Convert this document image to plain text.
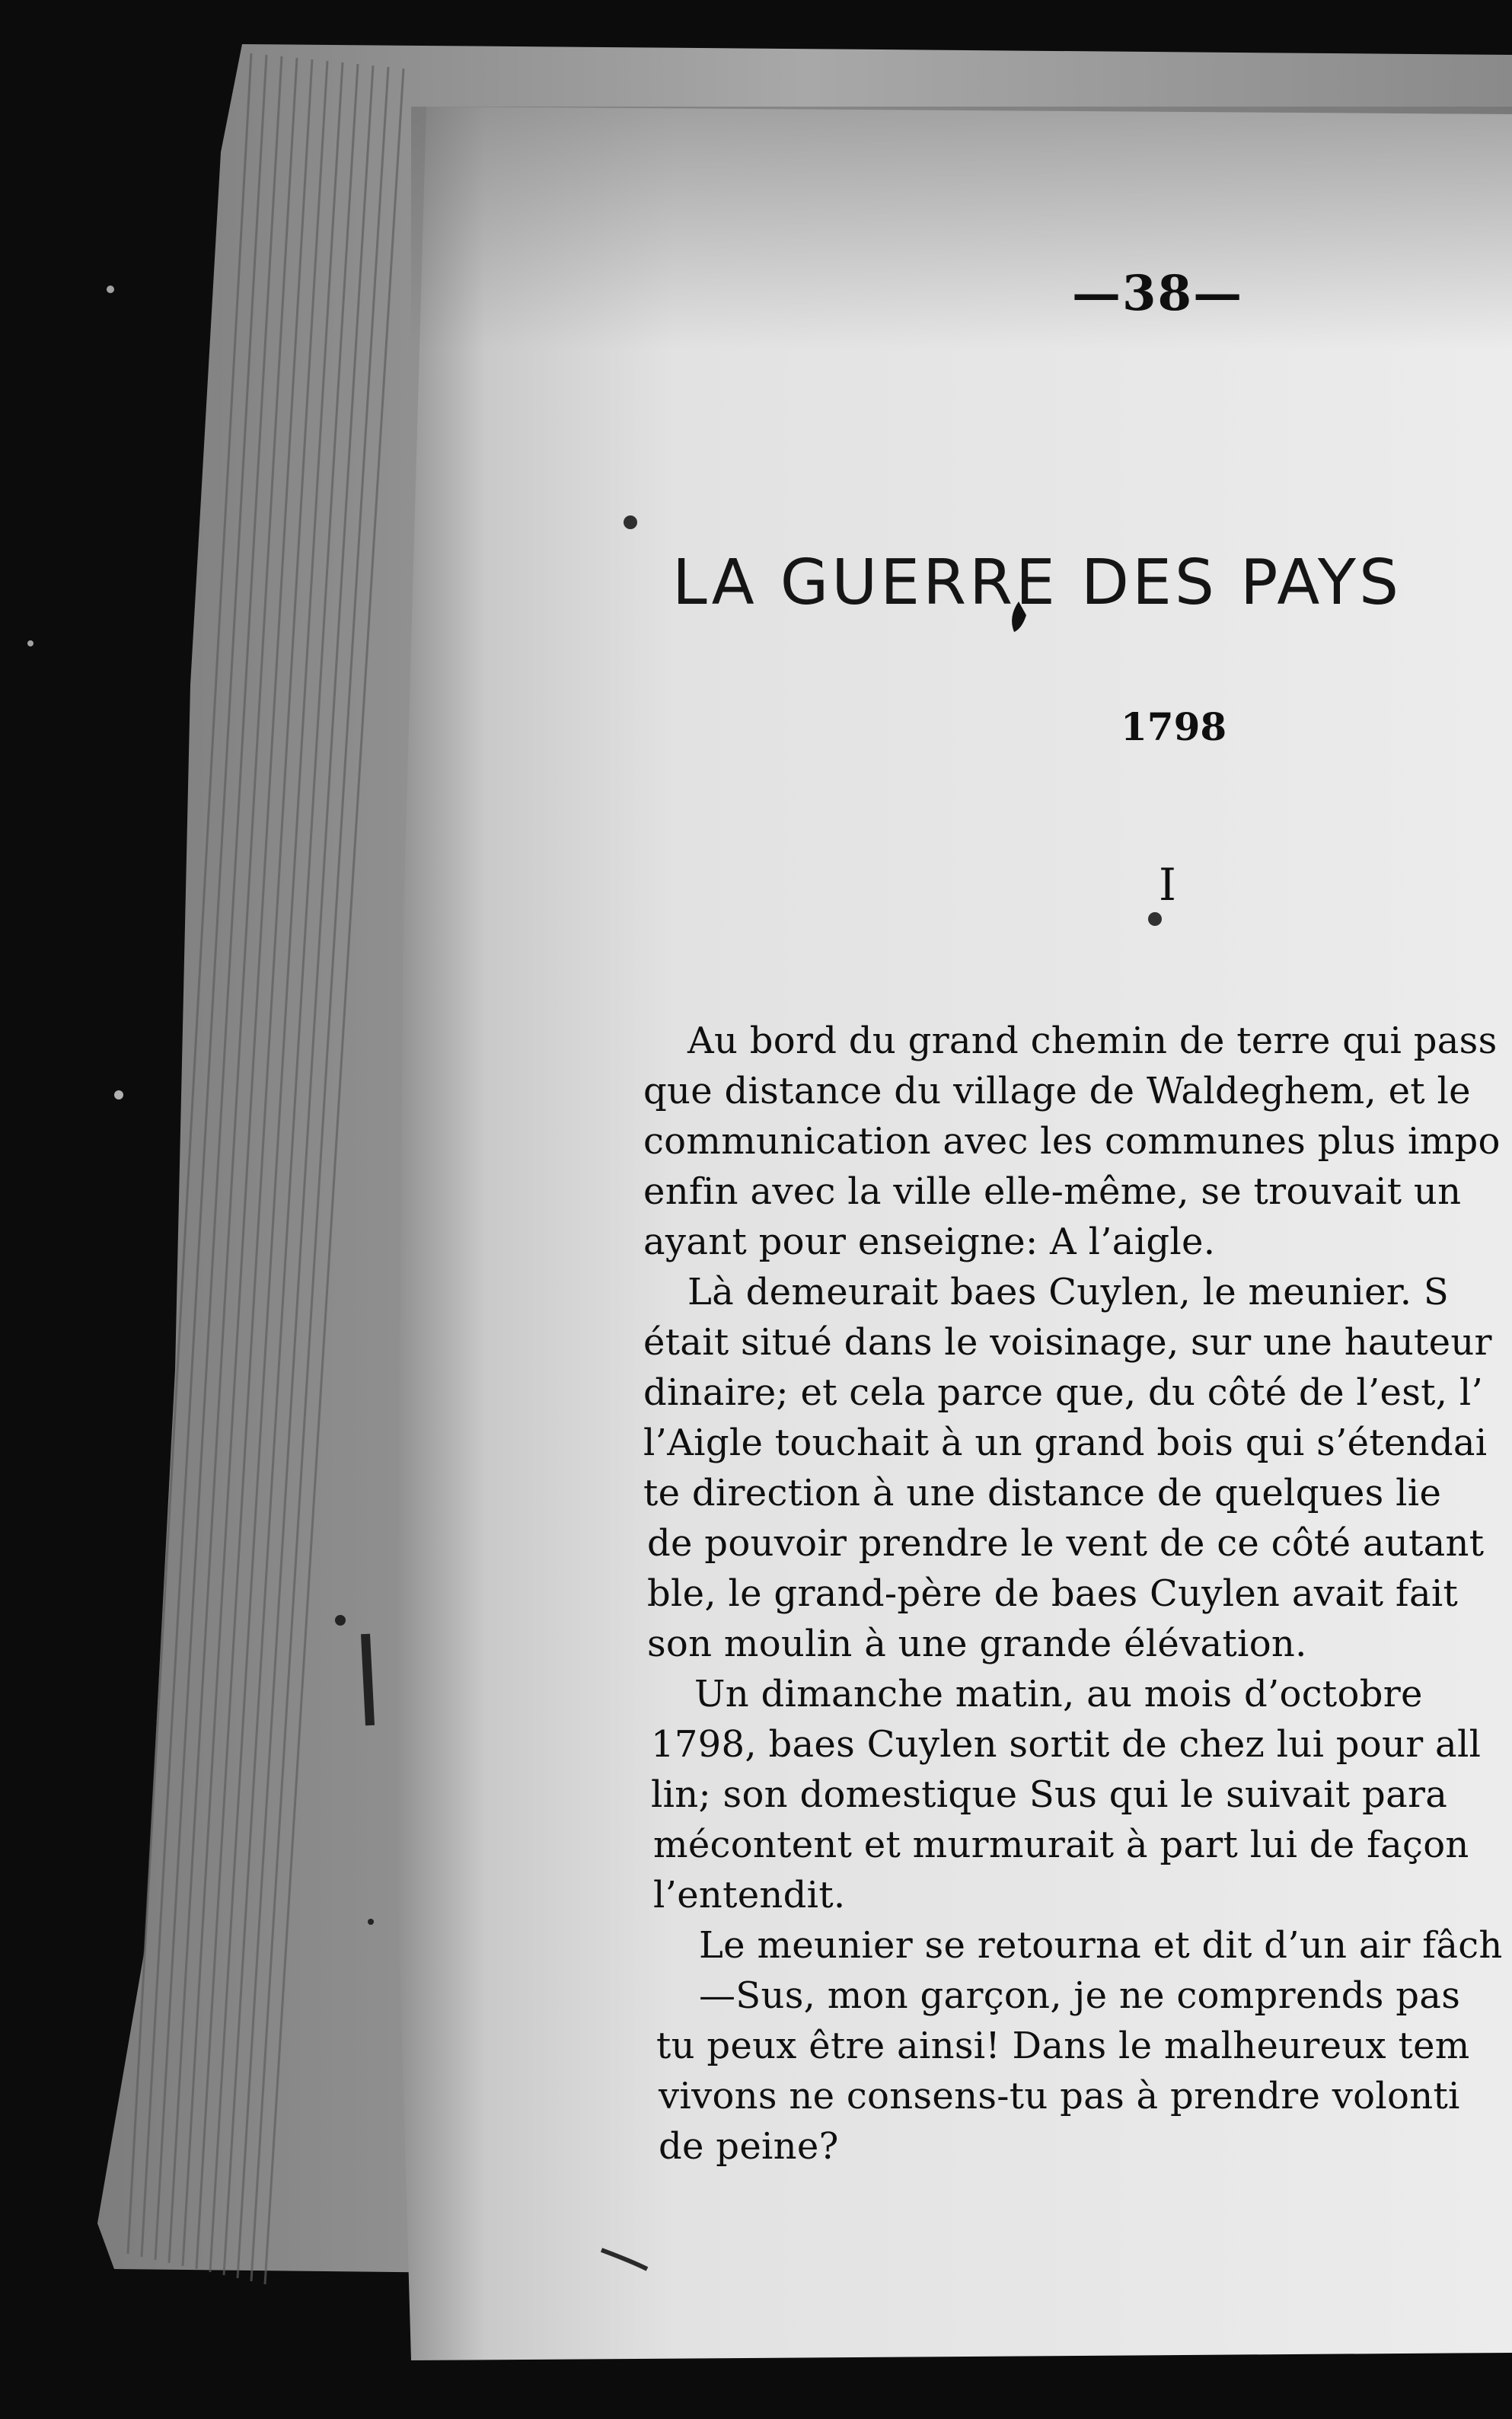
—38—
LA GUERRE DES PAYS
1798
I
Au bord du grand chemin de terre qui pass
que distance du village de Waldeghem, et le
communication avec les communes plus impo
enfin avec la ville elle-même, se trouvait un
ayant pour enseigne: A l’aigle.
Là demeurait baes Cuylen, le meunier. S
était situé dans le voisinage, sur une hauteur
dinaire; et cela parce que, du côté de l’est, l’
l’Aigle touchait à un grand bois qui s’étendai
te direction à une distance de quelques lie
de pouvoir prendre le vent de ce côté autant
ble, le grand-père de baes Cuylen avait fait
son moulin à une grande élévation.
Un dimanche matin, au mois d’octobre
1798, baes Cuylen sortit de chez lui pour all
lin; son domestique Sus qui le suivait para
mécontent et murmurait à part lui de façon
l’entendit.
Le meunier se retourna et dit d’un air fâch
—Sus, mon garçon, je ne comprends pas
tu peux être ainsi! Dans le malheureux tem
vivons ne consens-tu pas à prendre volonti
de peine?
